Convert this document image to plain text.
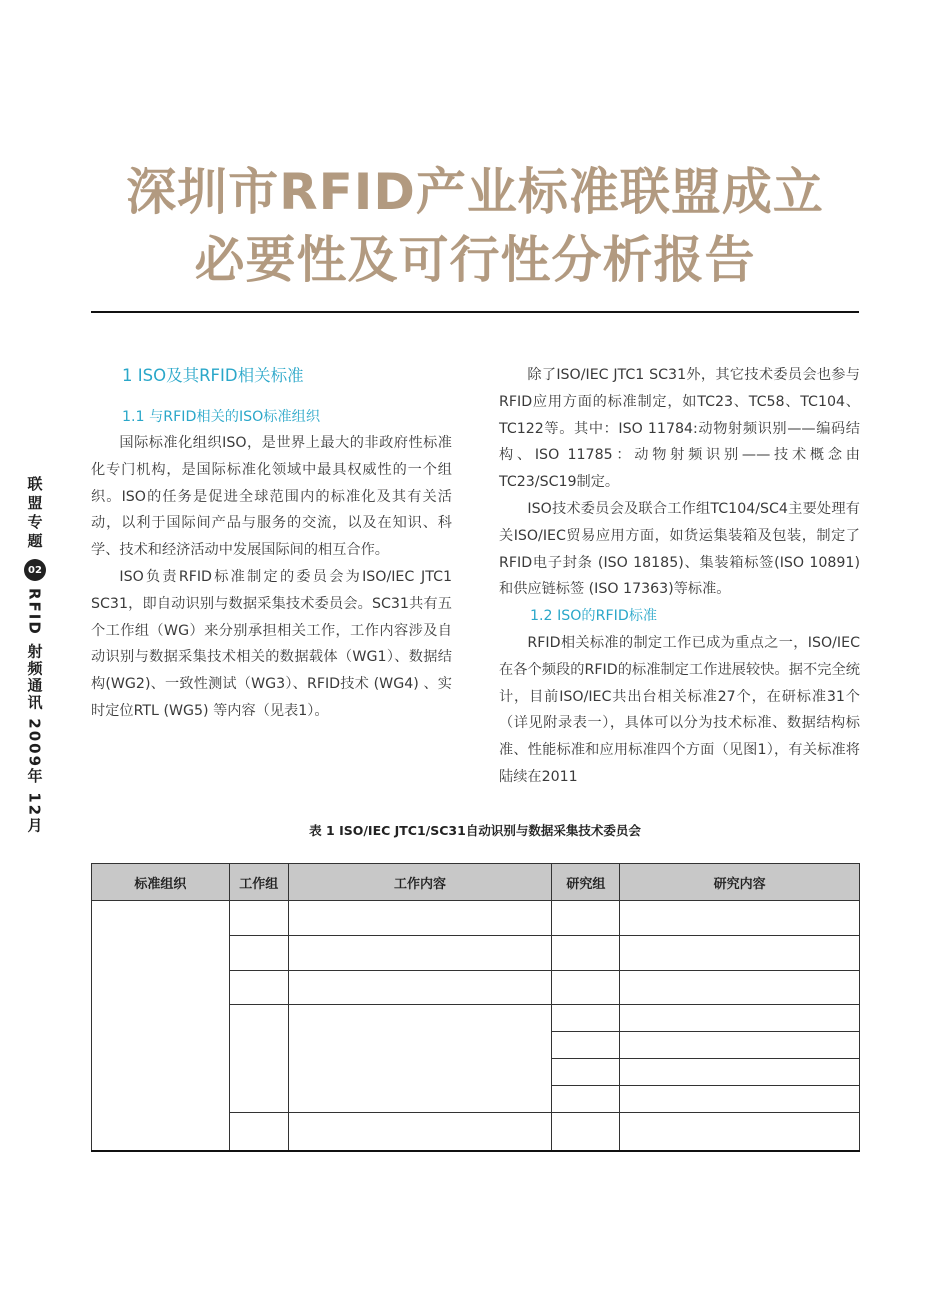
深圳市RFID产业标准联盟成立
必要性及可行性分析报告
联盟专题
02
RFID 射频通讯 2009年 12月
1 ISO及其RFID相关标准
1.1 与RFID相关的ISO标准组织

国际标准化组织ISO，是世界上最大的非政府性标准化专门机构，是国际标准化领域中最具权威性的一个组织。ISO的任务是促进全球范围内的标准化及其有关活动，以利于国际间产品与服务的交流，以及在知识、科学、技术和经济活动中发展国际间的相互合作。

ISO负责RFID标准制定的委员会为ISO/IEC JTC1 SC31，即自动识别与数据采集技术委员会。SC31共有五个工作组（WG）来分别承担相关工作，工作内容涉及自动识别与数据采集技术相关的数据载体（WG1）、数据结构(WG2)、一致性测试（WG3）、RFID技术 (WG4) 、实时定位RTL (WG5) 等内容（见表1）。

除了ISO/IEC JTC1 SC31外，其它技术委员会也参与RFID应用方面的标准制定，如TC23、TC58、TC104、TC122等。其中：ISO 11784:动物射频识别——编码结构、ISO 11785：动物射频识别——技术概念由TC23/SC19制定。

ISO技术委员会及联合工作组TC104/SC4主要处理有关ISO/IEC贸易应用方面，如货运集装箱及包装，制定了 RFID电子封条 (ISO 18185)、集装箱标签(ISO 10891)和供应链标签 (ISO 17363)等标准。

1.2 ISO的RFID标准

RFID相关标准的制定工作已成为重点之一，ISO/IEC在各个频段的RFID的标准制定工作进展较快。据不完全统计，目前ISO/IEC共出台相关标准27个，在研标准31个（详见附录表一），具体可以分为技术标准、数据结构标准、性能标准和应用标准四个方面（见图1），有关标准将陆续在2011

表 1 ISO/IEC JTC1/SC31自动识别与数据采集技术委员会
标准组织	工作组	工作内容	研究组	研究内容
